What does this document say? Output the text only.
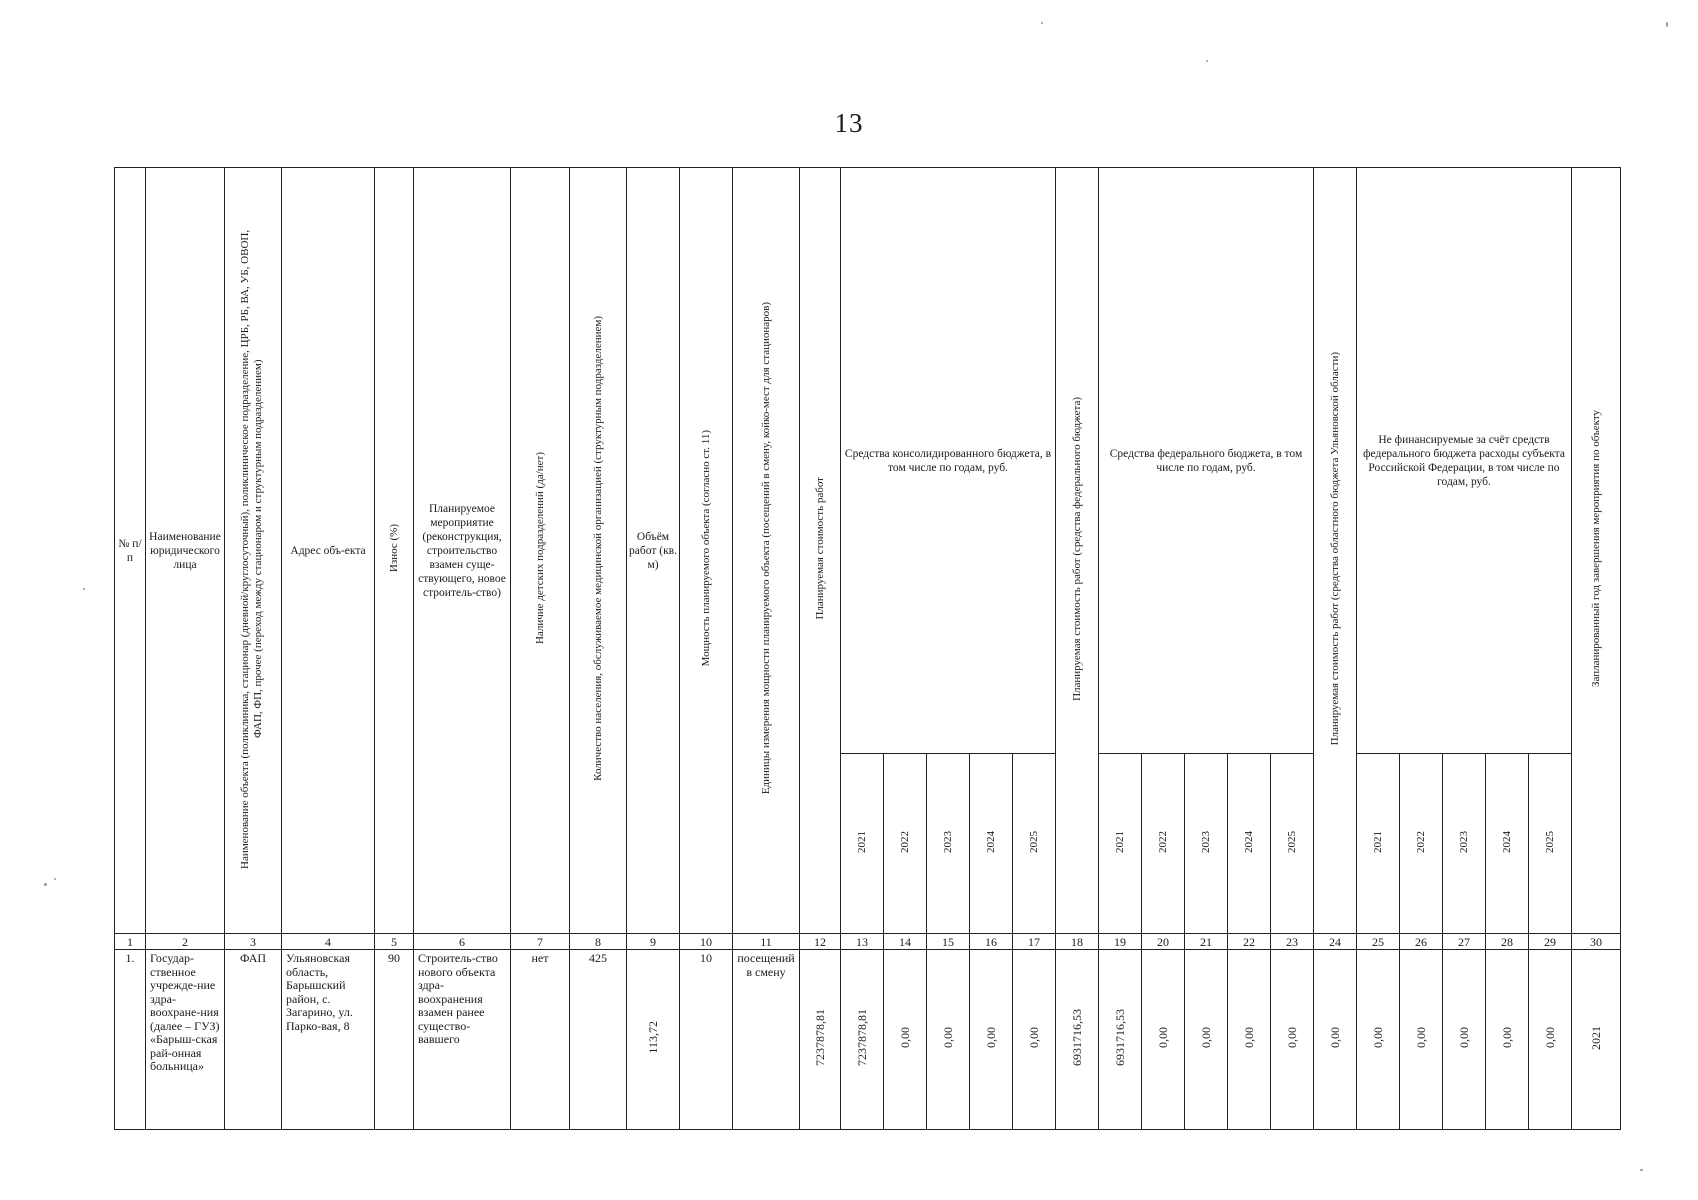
13
№ п/п	Наименование юридического лица	Наименование объекта (поликлиника, стационар (дневной/круглосуточный), поликлиническое подразделение, ЦРБ, РБ, ВА, УБ, ОВОП, ФАП, ФП, прочее (переход между стационаром и структурным подразделением)	Адрес объ-екта	Износ (%)	Планируемое мероприятие (реконструкция, строительство взамен суще-ствующего, новое строитель-ство)	Наличие детских подразделений (да/нет)	Количество населения, обслуживаемое медицинской организацией (структурным подразделением)	Объём работ (кв. м)	Мощность планируемого объекта (согласно ст. 11)	Единицы измерения мощности планируемого объекта (посещений в смену, койко-мест для стационаров)	Планируемая стоимость работ	Средства консолидированного бюджета, в том числе по годам, руб.					Планируемая стоимость работ (средства федерального бюджета)	Средства федерального бюджета, в том числе по годам, руб.					Планируемая стоимость работ (средства областного бюджета Ульяновской области)	Не финансируемые за счёт средств федерального бюджета расходы субъекта Российской Федерации, в том числе по годам, руб.					Запланированный год завершения мероприятия по объекту
												2021	2022	2023	2024	2025		2021	2022	2023	2024	2025		2021	2022	2023	2024	2025	
1	2	3	4	5	6	7	8	9	10	11	12	13	14	15	16	17	18	19	20	21	22	23	24	25	26	27	28	29	30
1.	Государ-ственное учрежде-ние здра-воохране-ния (далее – ГУЗ) «Барыш-ская рай-онная больница»	ФАП	Ульяновская область, Барышский район, с. Загарино, ул. Парко-вая, 8	90	Строитель-ство нового объекта здра-воохранения взамен ранее существо-вавшего	нет	425	113,72	10	посещений в смену	7237878,81	7237878,81	0,00	0,00	0,00	0,00	6931716,53	6931716,53	0,00	0,00	0,00	0,00	0,00	0,00	0,00	0,00	0,00	0,00	2021
